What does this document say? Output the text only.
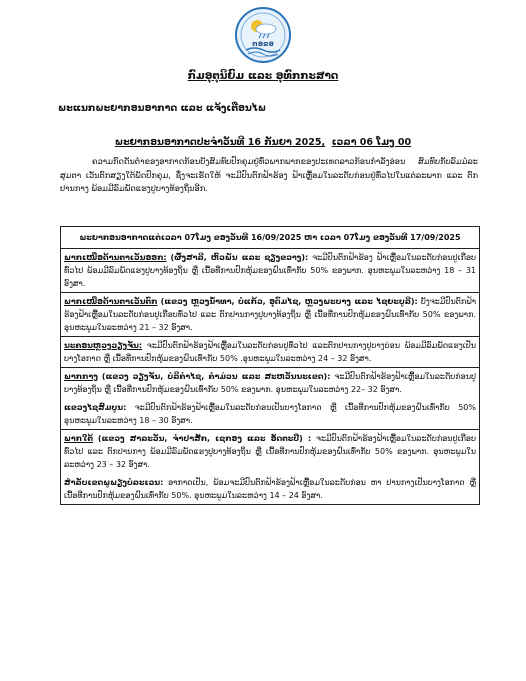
ກອຂອ
ກົມອຸຕຸນິຍົມ ແລະ ອຸທົກກະສາດ
ພະແນກພະຍາກອນອາກາດ ແລະ ແຈ້ງເຕືອນໄພ
ພະຍາກອນອາກາດປະຈຳວັນທີ 16 ກັນຍາ 2025, ເວລາ 06 ໂມງ 00
ຄວາມກົດດັນຕ່ຳຂອງອາກາດກ້ອນບັງສົມທົບປົກຄຸມຢູ່ທົ່ວພາກພາກຂອງປະເທດລາວກ້ອນກຳລັງອ່ອນ ສົມທົບກັບລົມມໍລະສຸມຕາ ເວັນຕົກສຽງໃຕ້ພັດປົກຄຸມ, ຊຶ່ງຈະເຮັດໃຫ້ ຈະມີປົນຕົກຟ້າຮ້ອງ ຟ້າເຫຼື້ອມໃນລະດັບກ່ອນຢູ່ທົ່ວໄປໃນແຕ່ລະພາກ ແລະ ຕົກປານກາງ ພ້ອມມີລົມພັດແຮງປູບາງທ້ອງຖິ່ນອີກ.
ພະຍາກອນອາກາດແຕ່ເວລາ 07ໂມງ ຂອງວັນທີ 16/09/2025 ຫາ ເວລາ 07ໂມງ ຂອງວັນທີ 17/09/2025
ພາກເໜືອດ້ານຕາເວັນອອກ: (ຜົ້ງສາລີ, ຫົວພັນ ແລະ ຊຽງຂວາງ): ຈະມີປົນຕົກຟ້າຮ້ອງ ຟ້າເຫຼື້ອມໃນລະດັບກ່ອນປູເກືອບທົ່ວໄປ ພ້ອມມີລົມພັດແຮງປູບາງທ້ອງຖິ່ນ ຫຼື ເນື້ອທີ່ການປົກຫຸ້ມຂອງຝົນເທົ່າກັບ 50% ຂອງພາກ. ອຸນຫະພູມໃນລະຫວ່າງ 18 – 31 ອົງສາ.
ພາກເໜືອດ້ານຕາເວັນຕົກ (ແຂວງ ຫຼວງນ້ຳທາ, ບໍ່ແກ້ວ, ອຸດົມໄຊ, ຫຼວງພະບາງ ແລະ ໄຊຍະບູລີ): ບັງຈະມີປົນຕົກຟ້າຮ້ອງຟ້າເຫຼື້ອມໃນລະດັບກ່ອນປູເກືອບທົ່ວໄປ ແລະ ຕົກປານກາງປູບາງທ້ອງຖິ່ນ ຫຼື ເນື້ອທີ່ການປົກຫຸ້ມຂອງຝົນເທົ່າກັບ 50% ຂອງພາກ. ອຸນຫະພູມໃນລະຫວ່າງ 21 – 32 ອົງສາ.
ນະຄອນຫຼວງວຽງຈັນ: ຈະມີປົນຕົກຟ້າຮ້ອງຟ້າເຫຼື້ອມໃນລະດັບກ່ອນປູທົ່ວໄປ ແລະຕົກປານກາງປູບາງບ່ອນ ພ້ອມມີລົມພັດແຮງເປັນບາງໂອກາດ ຫຼື ເນື້ອທີ່ການປົກຫຸ້ມຂອງຝົນເທົ່າກັບ 50% .ອຸນຫະພູມໃນລະຫວ່າງ 24 – 32 ອົງສາ.

ພາກກາງ (ແຂວງ ວຽງຈັນ, ບໍລິຄຳໄຊ, ຄຳມ່ວນ ແລະ ສະຫວັນນະເຂດ): ຈະມີປົນຕົກຟ້າຮ້ອງຟ້າເຫຼື້ອມໃນລະດັບກ່ອນປູບາງທ້ອງຖິ່ນ ຫຼື ເນື້ອທີ່ການປົກຫຸ້ມຂອງຝົນເທົ່າກັບ 50% ຂອງພາກ. ອຸນຫະພູມໃນລະຫວ່າງ 22– 32 ອົງສາ.
ແຂວງໄຊສົມບູນ: ຈະມີປົນຕົກຟ້າຮ້ອງຟ້າເຫຼື້ອມໃນລະດັບກ່ອນເປັນບາງໂອກາດ ຫຼື ເນື້ອທີ່ການປົກຫຸ້ມຂອງຝົນເທົ່າກັບ 50% ອຸນຫະພູມໃນລະຫວ່າງ 18 – 30 ອົງສາ.

ພາກໃຕ້ (ແຂວງ ສາລະວັນ, ຈຳປາສັກ, ເຊກອງ ແລະ ອັດຕະປື) : ຈະມີປົນຕົກຟ້າຮ້ອງຟ້າເຫຼື້ອມໃນລະດັບກ່ອນປູເກືອບທົ່ວໄປ ແລະ ຕົກປານກາງ ພ້ອມມີລົມພັດແຮງປູບາງທ້ອງຖິ່ນ ຫຼື ເນື້ອທີ່ການປົກຫຸ້ມຂອງຝົນເທົ່າກັບ 50% ຂອງພາກ. ອຸນຫະພູມໃນລະຫວ່າງ 23 – 32 ອົງສາ.
ສຳລັບເຂດພູພຽງບໍລະເວນ: ອາກາດເປັນ, ພ້ອມຈະມີປົນຕົກຟ້າຮ້ອງຟ້າເຫຼື້ອມໃນລະດັບກ່ອນ ຫາ ປານກາງເປັນບາງໂອກາດ ຫຼື ເນື້ອທີ່ການປົກຫຸ້ມຂອງຝົນເທົ່າກັບ 50%. ອຸນຫະພູມໃນລະຫວ່າງ 14 – 24 ອົງສາ.
